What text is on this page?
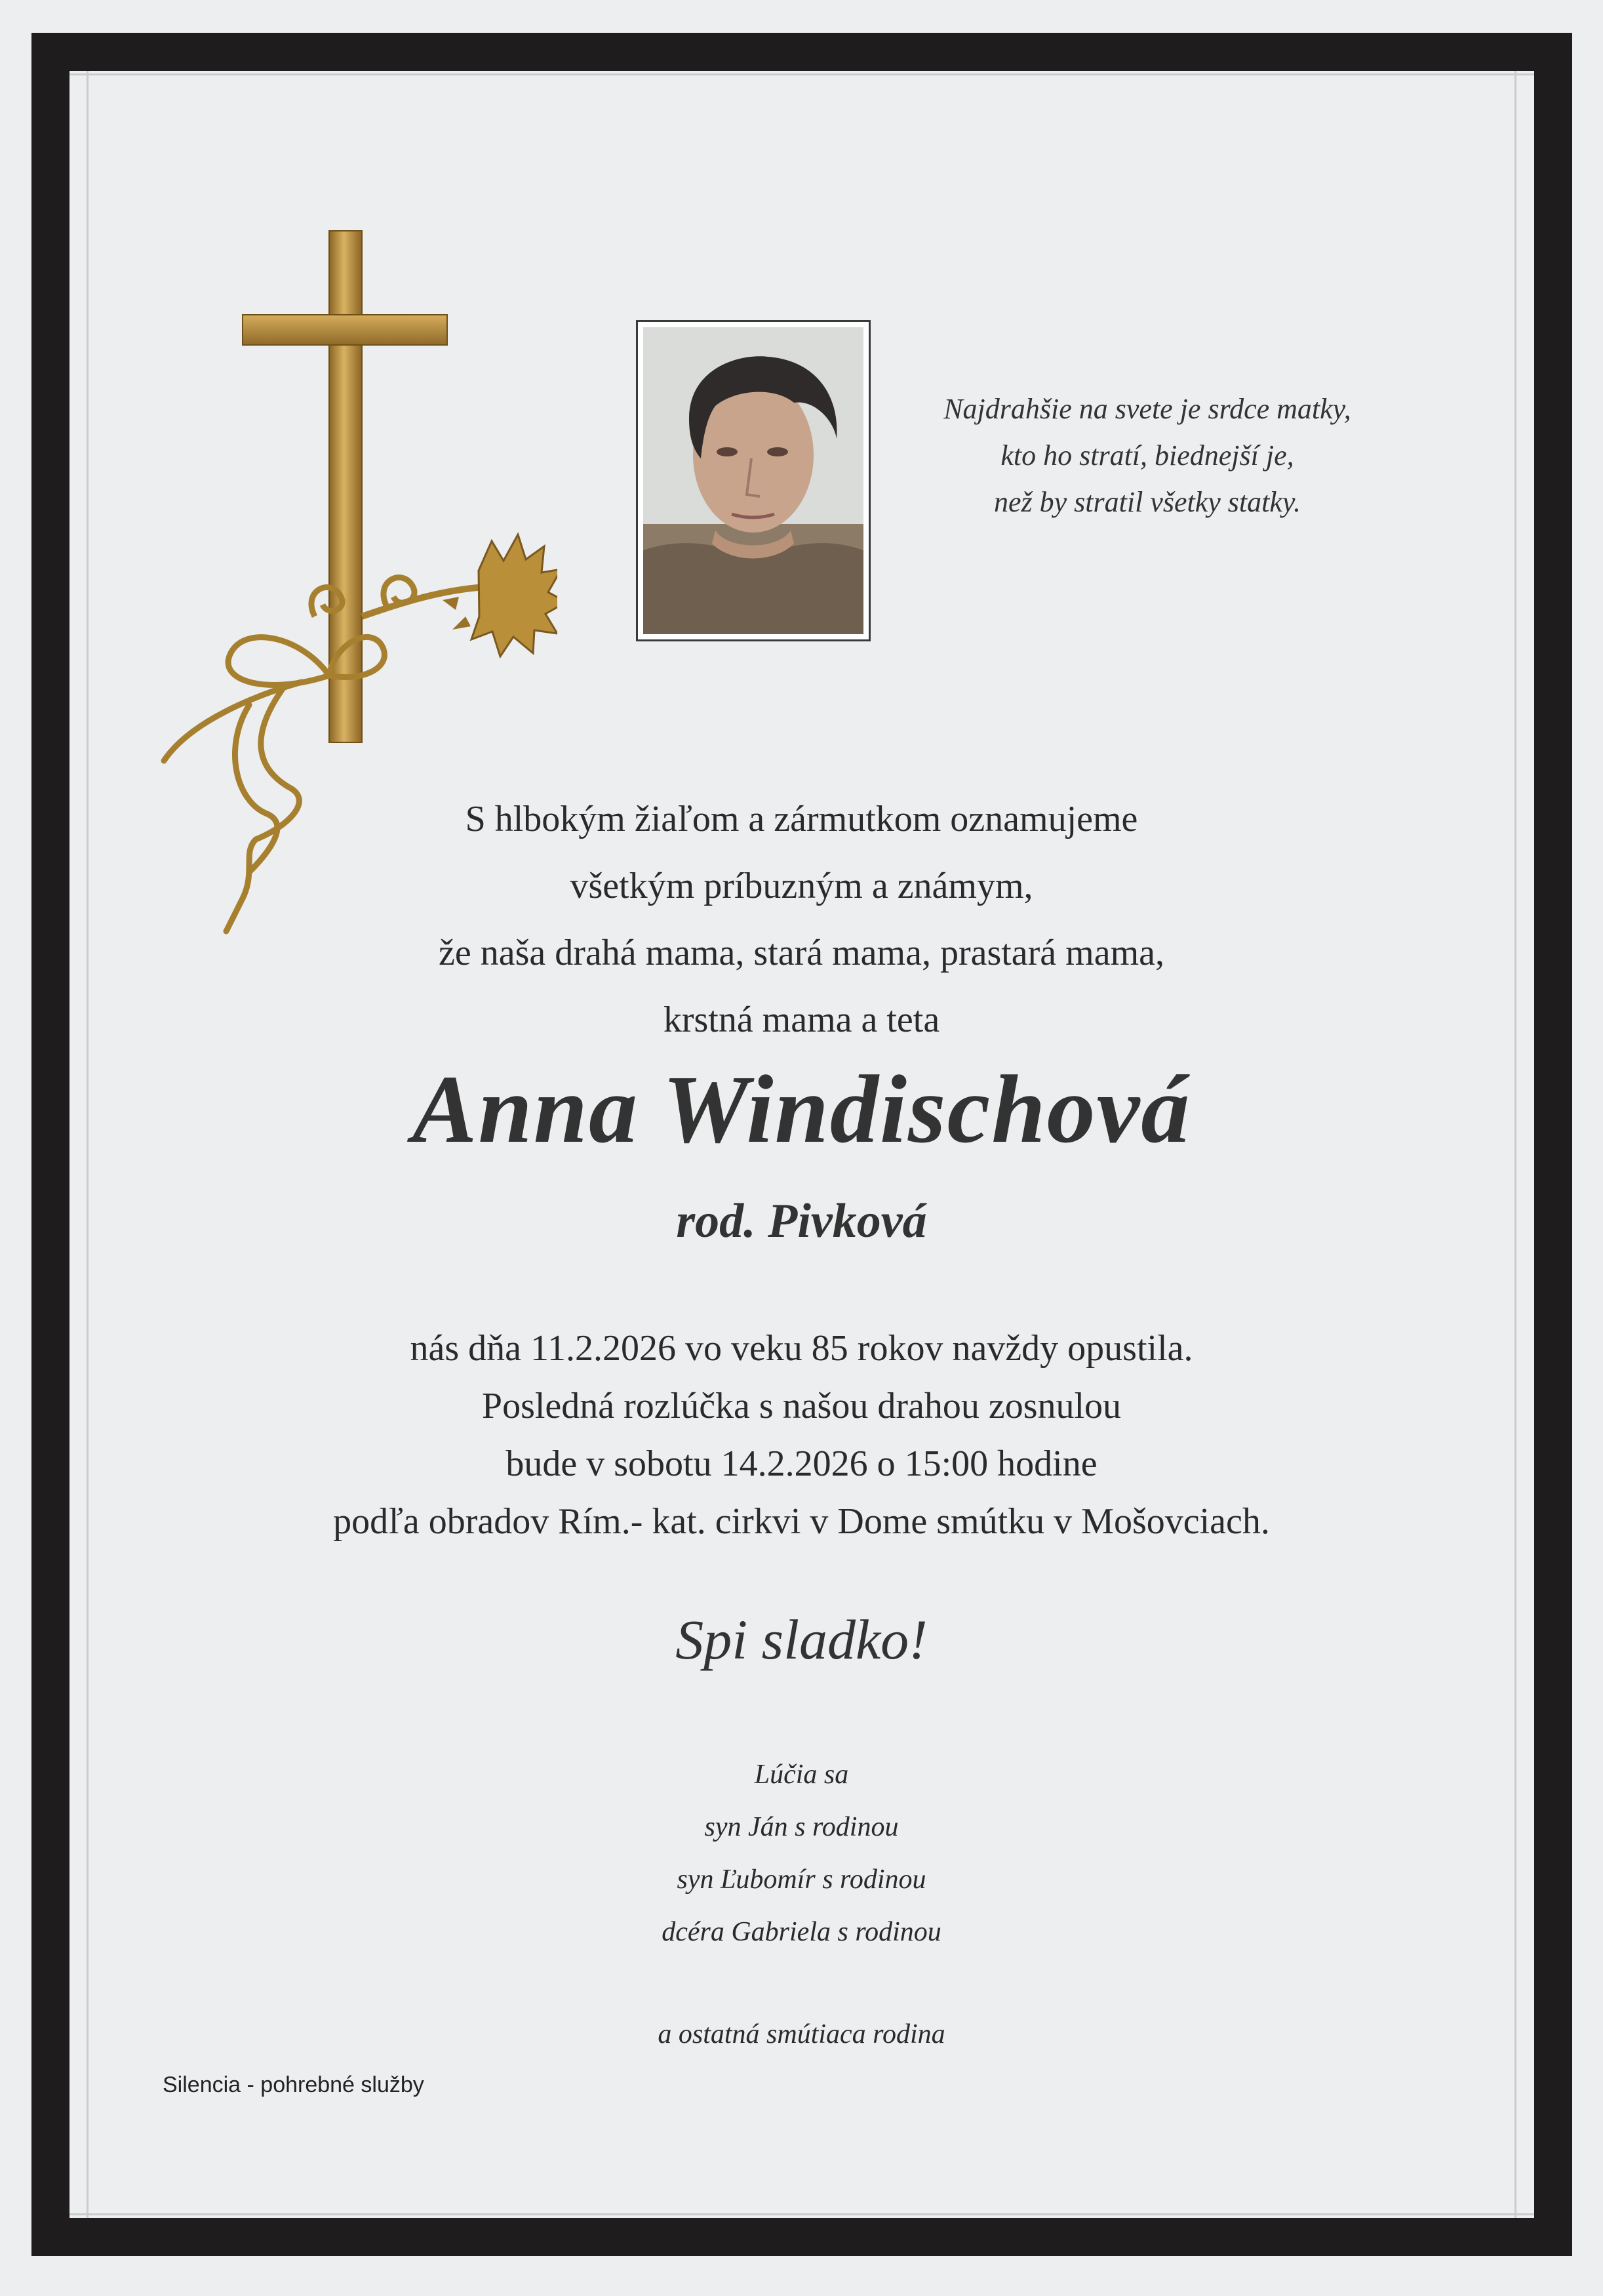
Najdrahšie na svete je srdce matky,
kto ho stratí, biednejší je,
než by stratil všetky statky.
S hlbokým žiaľom a zármutkom oznamujeme
všetkým príbuzným a známym,
že naša drahá mama, stará mama, prastará mama,
krstná mama a teta
Anna Windischová
rod. Pivková
nás dňa 11.2.2026 vo veku 85 rokov navždy opustila.
Posledná rozlúčka s našou drahou zosnulou
bude v sobotu 14.2.2026 o 15:00 hodine
podľa obradov Rím.- kat. cirkvi v Dome smútku v Mošovciach.
Spi sladko!
Lúčia sa
syn Ján s rodinou
syn Ľubomír s rodinou
dcéra Gabriela s rodinou
a ostatná smútiaca rodina
Silencia - pohrebné služby
